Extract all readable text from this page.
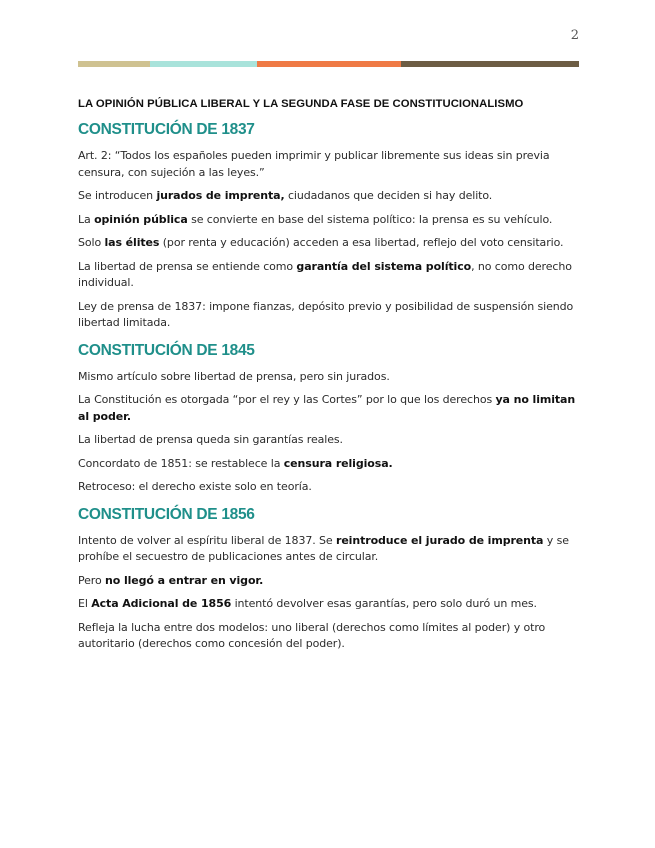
2
LA OPINIÓN PÚBLICA LIBERAL Y LA SEGUNDA FASE DE CONSTITUCIONALISMO
CONSTITUCIÓN DE 1837

Art. 2: “Todos los españoles pueden imprimir y publicar libremente sus ideas sin previa censura, con sujeción a las leyes.”

Se introducen jurados de imprenta, ciudadanos que deciden si hay delito.

La opinión pública se convierte en base del sistema político: la prensa es su vehículo.

Solo las élites (por renta y educación) acceden a esa libertad, reflejo del voto censitario.

La libertad de prensa se entiende como garantía del sistema político, no como derecho individual.

Ley de prensa de 1837: impone fianzas, depósito previo y posibilidad de suspensión siendo libertad limitada.

CONSTITUCIÓN DE 1845

Mismo artículo sobre libertad de prensa, pero sin jurados.

La Constitución es otorgada “por el rey y las Cortes” por lo que los derechos ya no limitan al poder.

La libertad de prensa queda sin garantías reales.

Concordato de 1851: se restablece la censura religiosa.

Retroceso: el derecho existe solo en teoría.

CONSTITUCIÓN DE 1856

Intento de volver al espíritu liberal de 1837. Se reintroduce el jurado de imprenta y se prohíbe el secuestro de publicaciones antes de circular.

Pero no llegó a entrar en vigor.

El Acta Adicional de 1856 intentó devolver esas garantías, pero solo duró un mes.

Refleja la lucha entre dos modelos: uno liberal (derechos como límites al poder) y otro autoritario (derechos como concesión del poder).
